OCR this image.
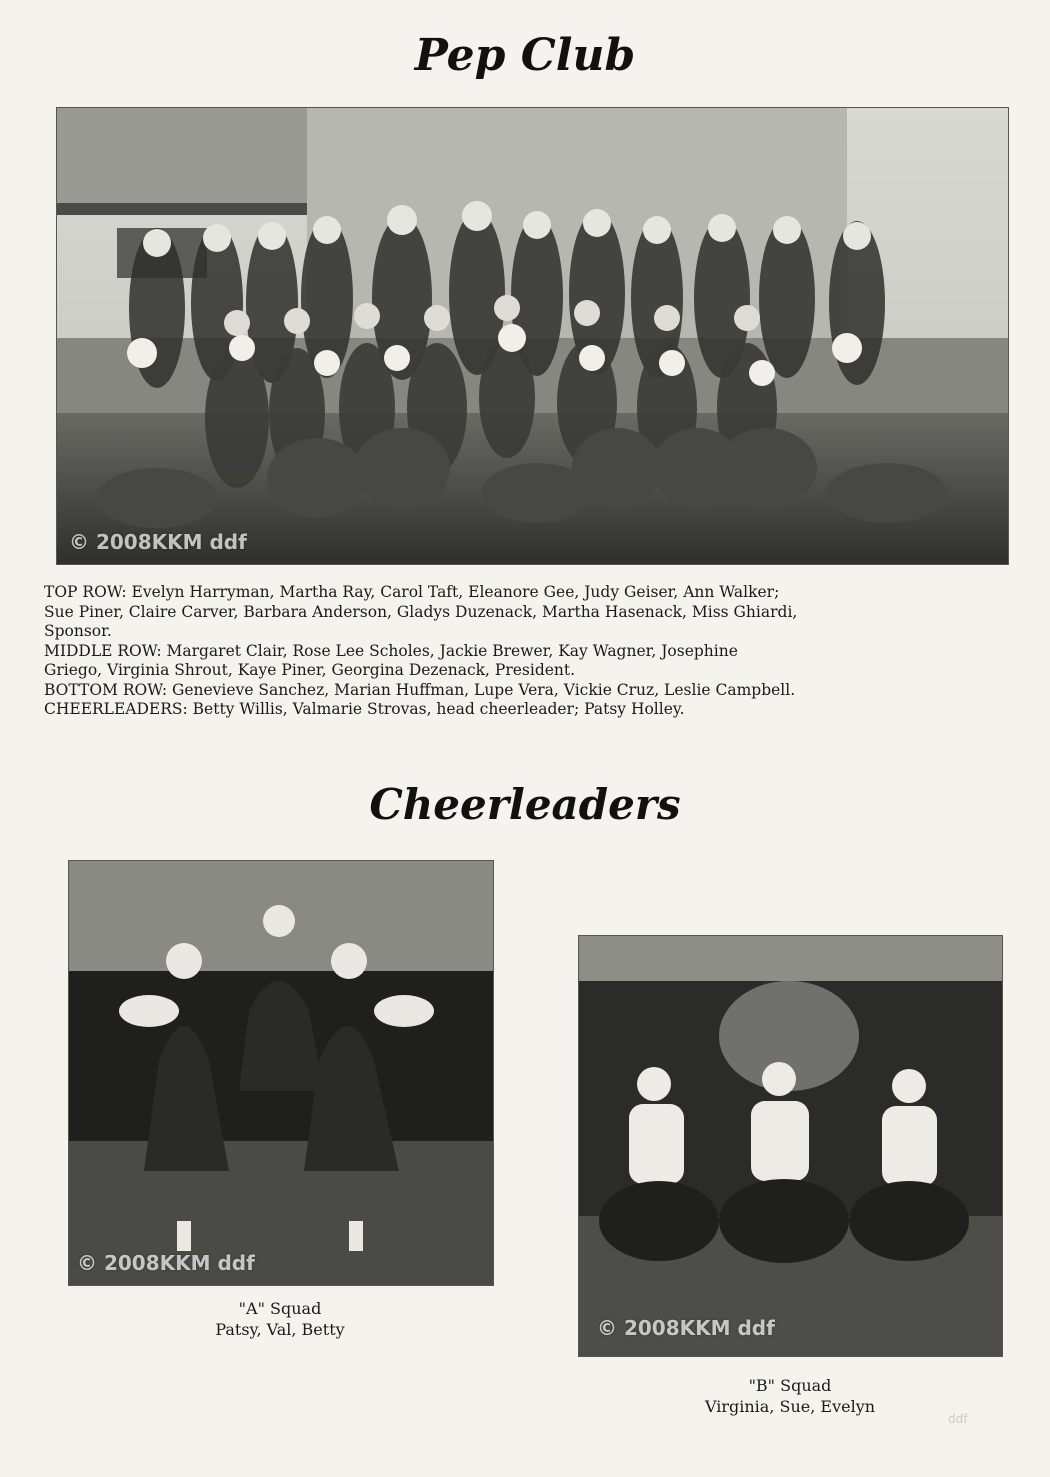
Pep Club
© 2008KKM ddf
TOP ROW: Evelyn Harryman, Martha Ray, Carol Taft, Eleanore Gee, Judy Geiser, Ann Walker;
Sue Piner, Claire Carver, Barbara Anderson, Gladys Duzenack, Martha Hasenack, Miss Ghiardi,
Sponsor.
MIDDLE ROW: Margaret Clair, Rose Lee Scholes, Jackie Brewer, Kay Wagner, Josephine
Griego, Virginia Shrout, Kaye Piner, Georgina Dezenack, President.
BOTTOM ROW: Genevieve Sanchez, Marian Huffman, Lupe Vera, Vickie Cruz, Leslie Campbell.
CHEERLEADERS: Betty Willis, Valmarie Strovas, head cheerleader; Patsy Holley.
Cheerleaders
© 2008KKM ddf
"A" Squad
Patsy, Val, Betty	© 2008KKM ddf
"B" Squad
Virginia, Sue, Evelyn
ddf
